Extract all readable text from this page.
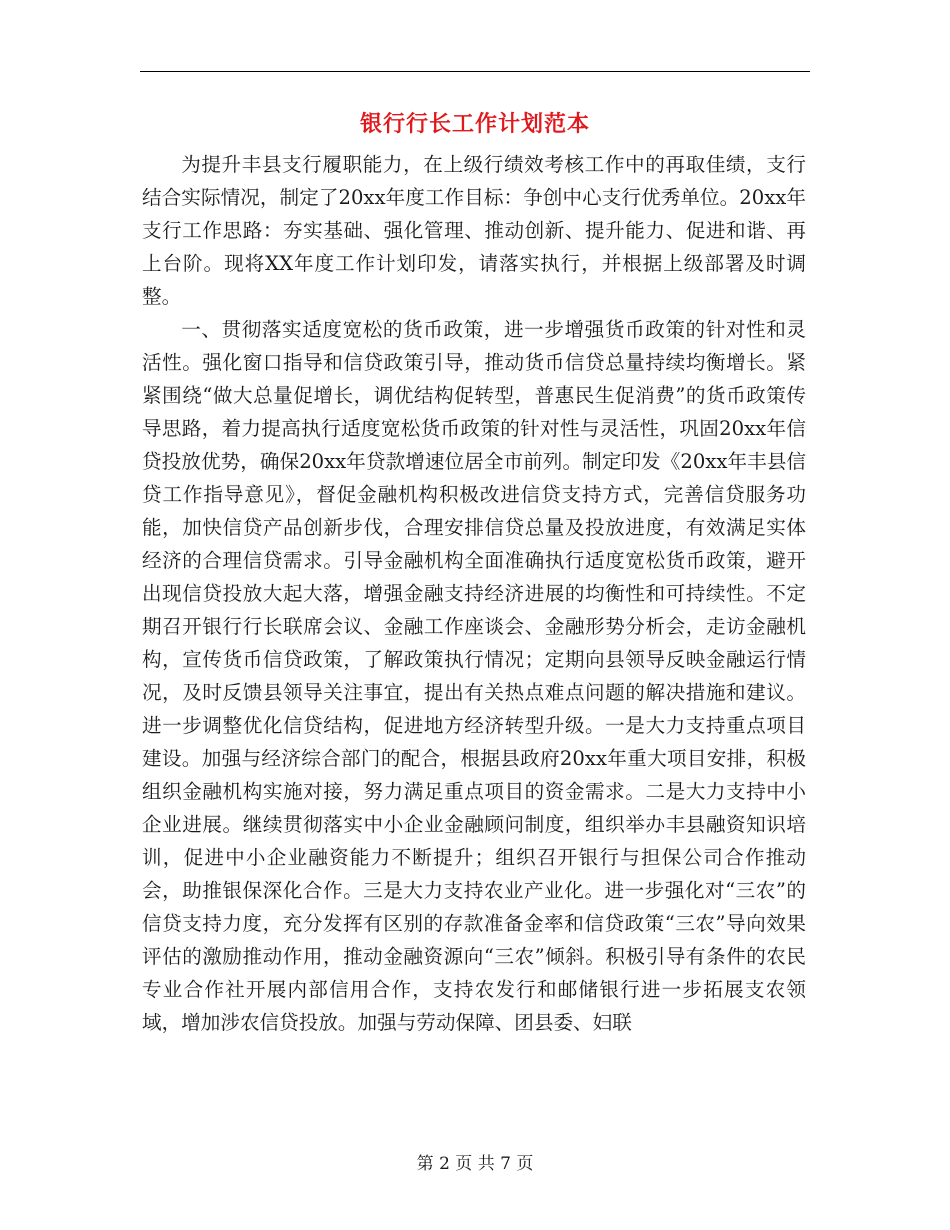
银行行长工作计划范本

为提升丰县支行履职能力，在上级行绩效考核工作中的再取佳绩，支行结合实际情况，制定了20xx年度工作目标：争创中心支行优秀单位。20xx年支行工作思路：夯实基础、强化管理、推动创新、提升能力、促进和谐、再上台阶。现将XX年度工作计划印发，请落实执行，并根据上级部署及时调整。

一、贯彻落实适度宽松的货币政策，进一步增强货币政策的针对性和灵活性。强化窗口指导和信贷政策引导，推动货币信贷总量持续均衡增长。紧紧围绕“做大总量促增长，调优结构促转型，普惠民生促消费”的货币政策传导思路，着力提高执行适度宽松货币政策的针对性与灵活性，巩固20xx年信贷投放优势，确保20xx年贷款增速位居全市前列。制定印发《20xx年丰县信贷工作指导意见》，督促金融机构积极改进信贷支持方式，完善信贷服务功能，加快信贷产品创新步伐，合理安排信贷总量及投放进度，有效满足实体经济的合理信贷需求。引导金融机构全面准确执行适度宽松货币政策，避开出现信贷投放大起大落，增强金融支持经济进展的均衡性和可持续性。不定期召开银行行长联席会议、金融工作座谈会、金融形势分析会，走访金融机构，宣传货币信贷政策，了解政策执行情况；定期向县领导反映金融运行情况，及时反馈县领导关注事宜，提出有关热点难点问题的解决措施和建议。进一步调整优化信贷结构，促进地方经济转型升级。一是大力支持重点项目建设。加强与经济综合部门的配合，根据县政府20xx年重大项目安排，积极组织金融机构实施对接，努力满足重点项目的资金需求。二是大力支持中小企业进展。继续贯彻落实中小企业金融顾问制度，组织举办丰县融资知识培训，促进中小企业融资能力不断提升；组织召开银行与担保公司合作推动会，助推银保深化合作。三是大力支持农业产业化。进一步强化对“三农”的信贷支持力度，充分发挥有区别的存款准备金率和信贷政策“三农”导向效果评估的激励推动作用，推动金融资源向“三农”倾斜。积极引导有条件的农民专业合作社开展内部信用合作，支持农发行和邮储银行进一步拓展支农领域，增加涉农信贷投放。加强与劳动保障、团县委、妇联

第 2 页 共 7 页
